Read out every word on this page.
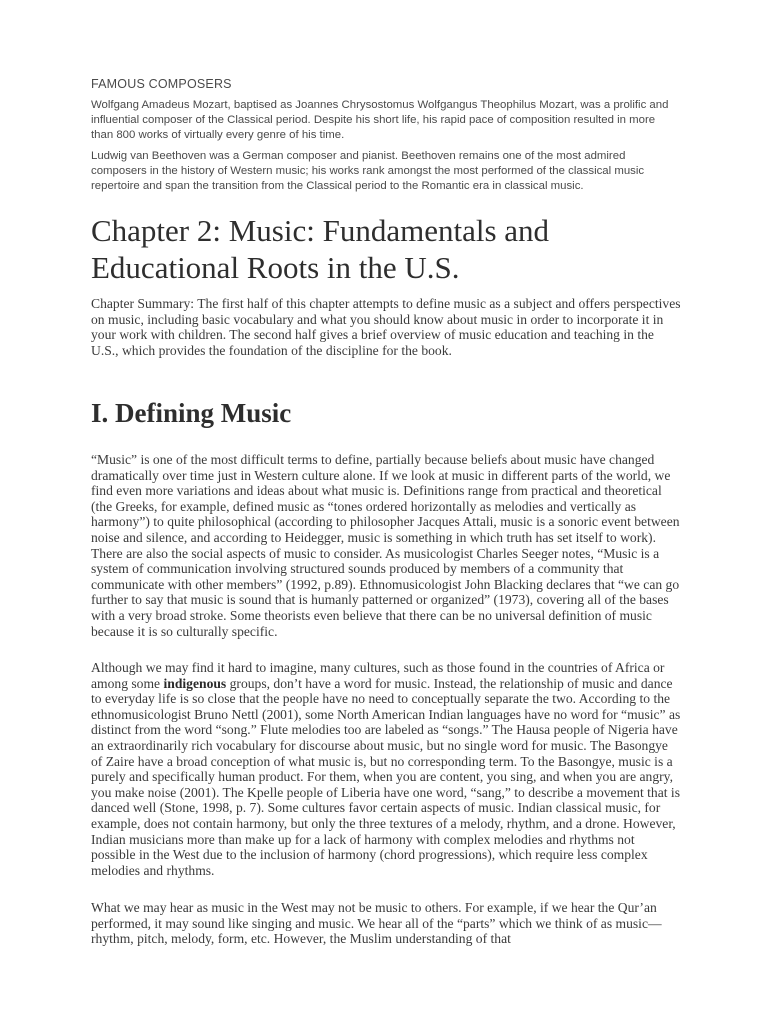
FAMOUS COMPOSERS

Wolfgang Amadeus Mozart, baptised as Joannes Chrysostomus Wolfgangus Theophilus Mozart, was a prolific and influential composer of the Classical period. Despite his short life, his rapid pace of composition resulted in more than 800 works of virtually every genre of his time.

Ludwig van Beethoven was a German composer and pianist. Beethoven remains one of the most admired composers in the history of Western music; his works rank amongst the most performed of the classical music repertoire and span the transition from the Classical period to the Romantic era in classical music.

Chapter 2: Music: Fundamentals and Educational Roots in the U.S.

Chapter Summary: The first half of this chapter attempts to define music as a subject and offers perspectives on music, including basic vocabulary and what you should know about music in order to incorporate it in your work with children. The second half gives a brief overview of music education and teaching in the U.S., which provides the foundation of the discipline for the book.

I. Defining Music

“Music” is one of the most difficult terms to define, partially because beliefs about music have changed dramatically over time just in Western culture alone. If we look at music in different parts of the world, we find even more variations and ideas about what music is. Definitions range from practical and theoretical (the Greeks, for example, defined music as “tones ordered horizontally as melodies and vertically as harmony”) to quite philosophical (according to philosopher Jacques Attali, music is a sonoric event between noise and silence, and according to Heidegger, music is something in which truth has set itself to work). There are also the social aspects of music to consider. As musicologist Charles Seeger notes, “Music is a system of communication involving structured sounds produced by members of a community that communicate with other members” (1992, p.89). Ethnomusicologist John Blacking declares that “we can go further to say that music is sound that is humanly patterned or organized” (1973), covering all of the bases with a very broad stroke. Some theorists even believe that there can be no universal definition of music because it is so culturally specific.

Although we may find it hard to imagine, many cultures, such as those found in the countries of Africa or among some indigenous groups, don’t have a word for music. Instead, the relationship of music and dance to everyday life is so close that the people have no need to conceptually separate the two. According to the ethnomusicologist Bruno Nettl (2001), some North American Indian languages have no word for “music” as distinct from the word “song.” Flute melodies too are labeled as “songs.” The Hausa people of Nigeria have an extraordinarily rich vocabulary for discourse about music, but no single word for music. The Basongye of Zaire have a broad conception of what music is, but no corresponding term. To the Basongye, music is a purely and specifically human product. For them, when you are content, you sing, and when you are angry, you make noise (2001). The Kpelle people of Liberia have one word, “sang,” to describe a movement that is danced well (Stone, 1998, p. 7). Some cultures favor certain aspects of music. Indian classical music, for example, does not contain harmony, but only the three textures of a melody, rhythm, and a drone. However, Indian musicians more than make up for a lack of harmony with complex melodies and rhythms not possible in the West due to the inclusion of harmony (chord progressions), which require less complex melodies and rhythms.

What we may hear as music in the West may not be music to others. For example, if we hear the Qur’an performed, it may sound like singing and music. We hear all of the “parts” which we think of as music—rhythm, pitch, melody, form, etc. However, the Muslim understanding of that
